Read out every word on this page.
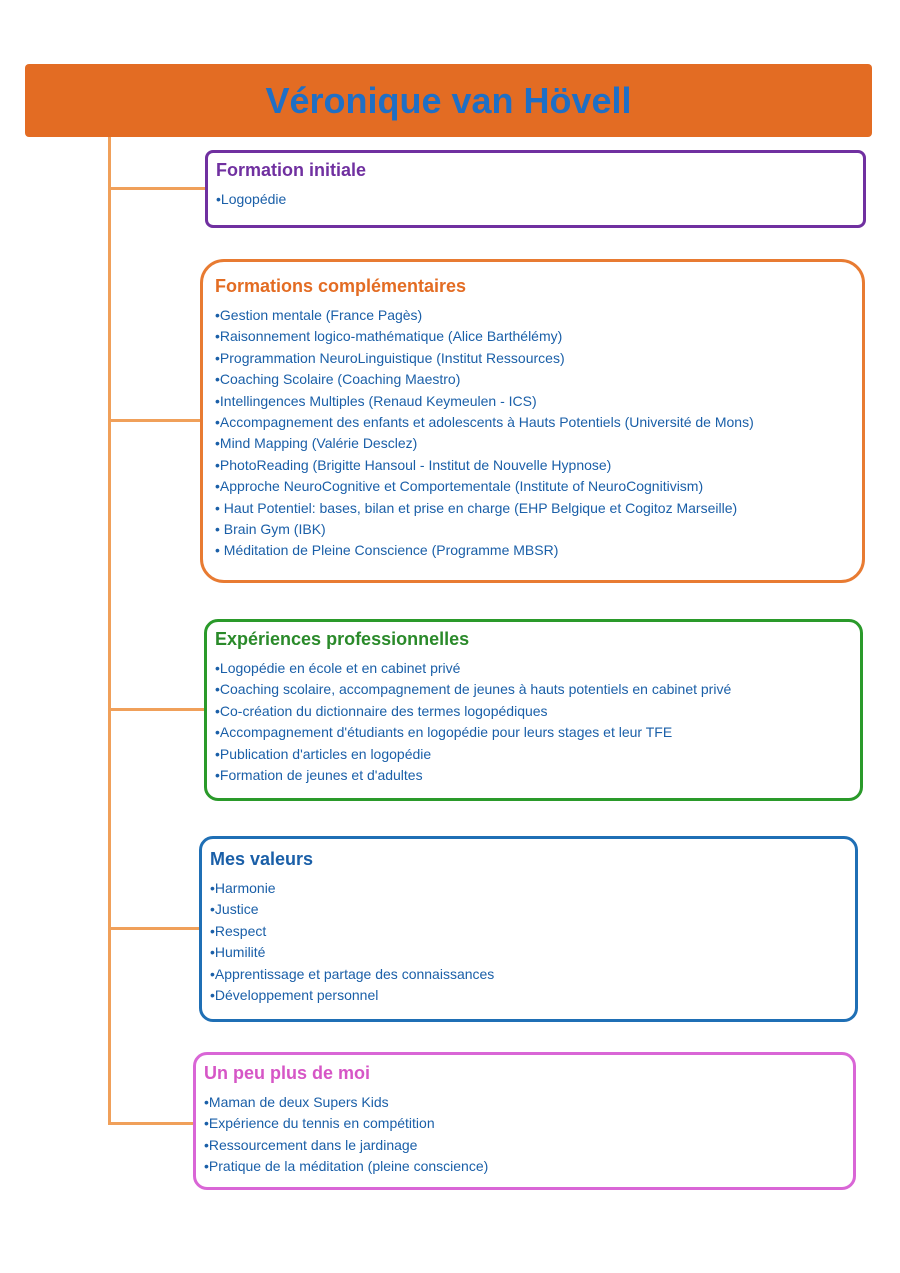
Véronique van Hövell
Formation initiale
• Logopédie
Formations complémentaires
• Gestion mentale (France Pagès)
• Raisonnement logico-mathématique (Alice Barthélémy)
• Programmation NeuroLinguistique (Institut Ressources)
• Coaching Scolaire (Coaching Maestro)
• Intellingences Multiples (Renaud Keymeulen - ICS)
• Accompagnement des enfants et adolescents à Hauts Potentiels (Université de Mons)
• Mind Mapping (Valérie Desclez)
• PhotoReading (Brigitte Hansoul - Institut de Nouvelle Hypnose)
• Approche NeuroCognitive et Comportementale (Institute of NeuroCognitivism)
• Haut Potentiel: bases, bilan et prise en charge (EHP Belgique et Cogitoz Marseille)
• Brain Gym (IBK)
• Méditation de Pleine Conscience (Programme MBSR)
Expériences professionnelles
• Logopédie en école et en cabinet privé
• Coaching scolaire, accompagnement de jeunes à hauts potentiels en cabinet privé
• Co-création du dictionnaire des termes logopédiques
• Accompagnement d'étudiants en logopédie pour leurs stages et leur TFE
• Publication d'articles en logopédie
• Formation de jeunes et d'adultes
Mes valeurs
• Harmonie
• Justice
• Respect
• Humilité
• Apprentissage et partage des connaissances
• Développement personnel
Un peu plus de moi
• Maman de deux Supers Kids
• Expérience du tennis en compétition
• Ressourcement dans le jardinage
• Pratique de la méditation (pleine conscience)
